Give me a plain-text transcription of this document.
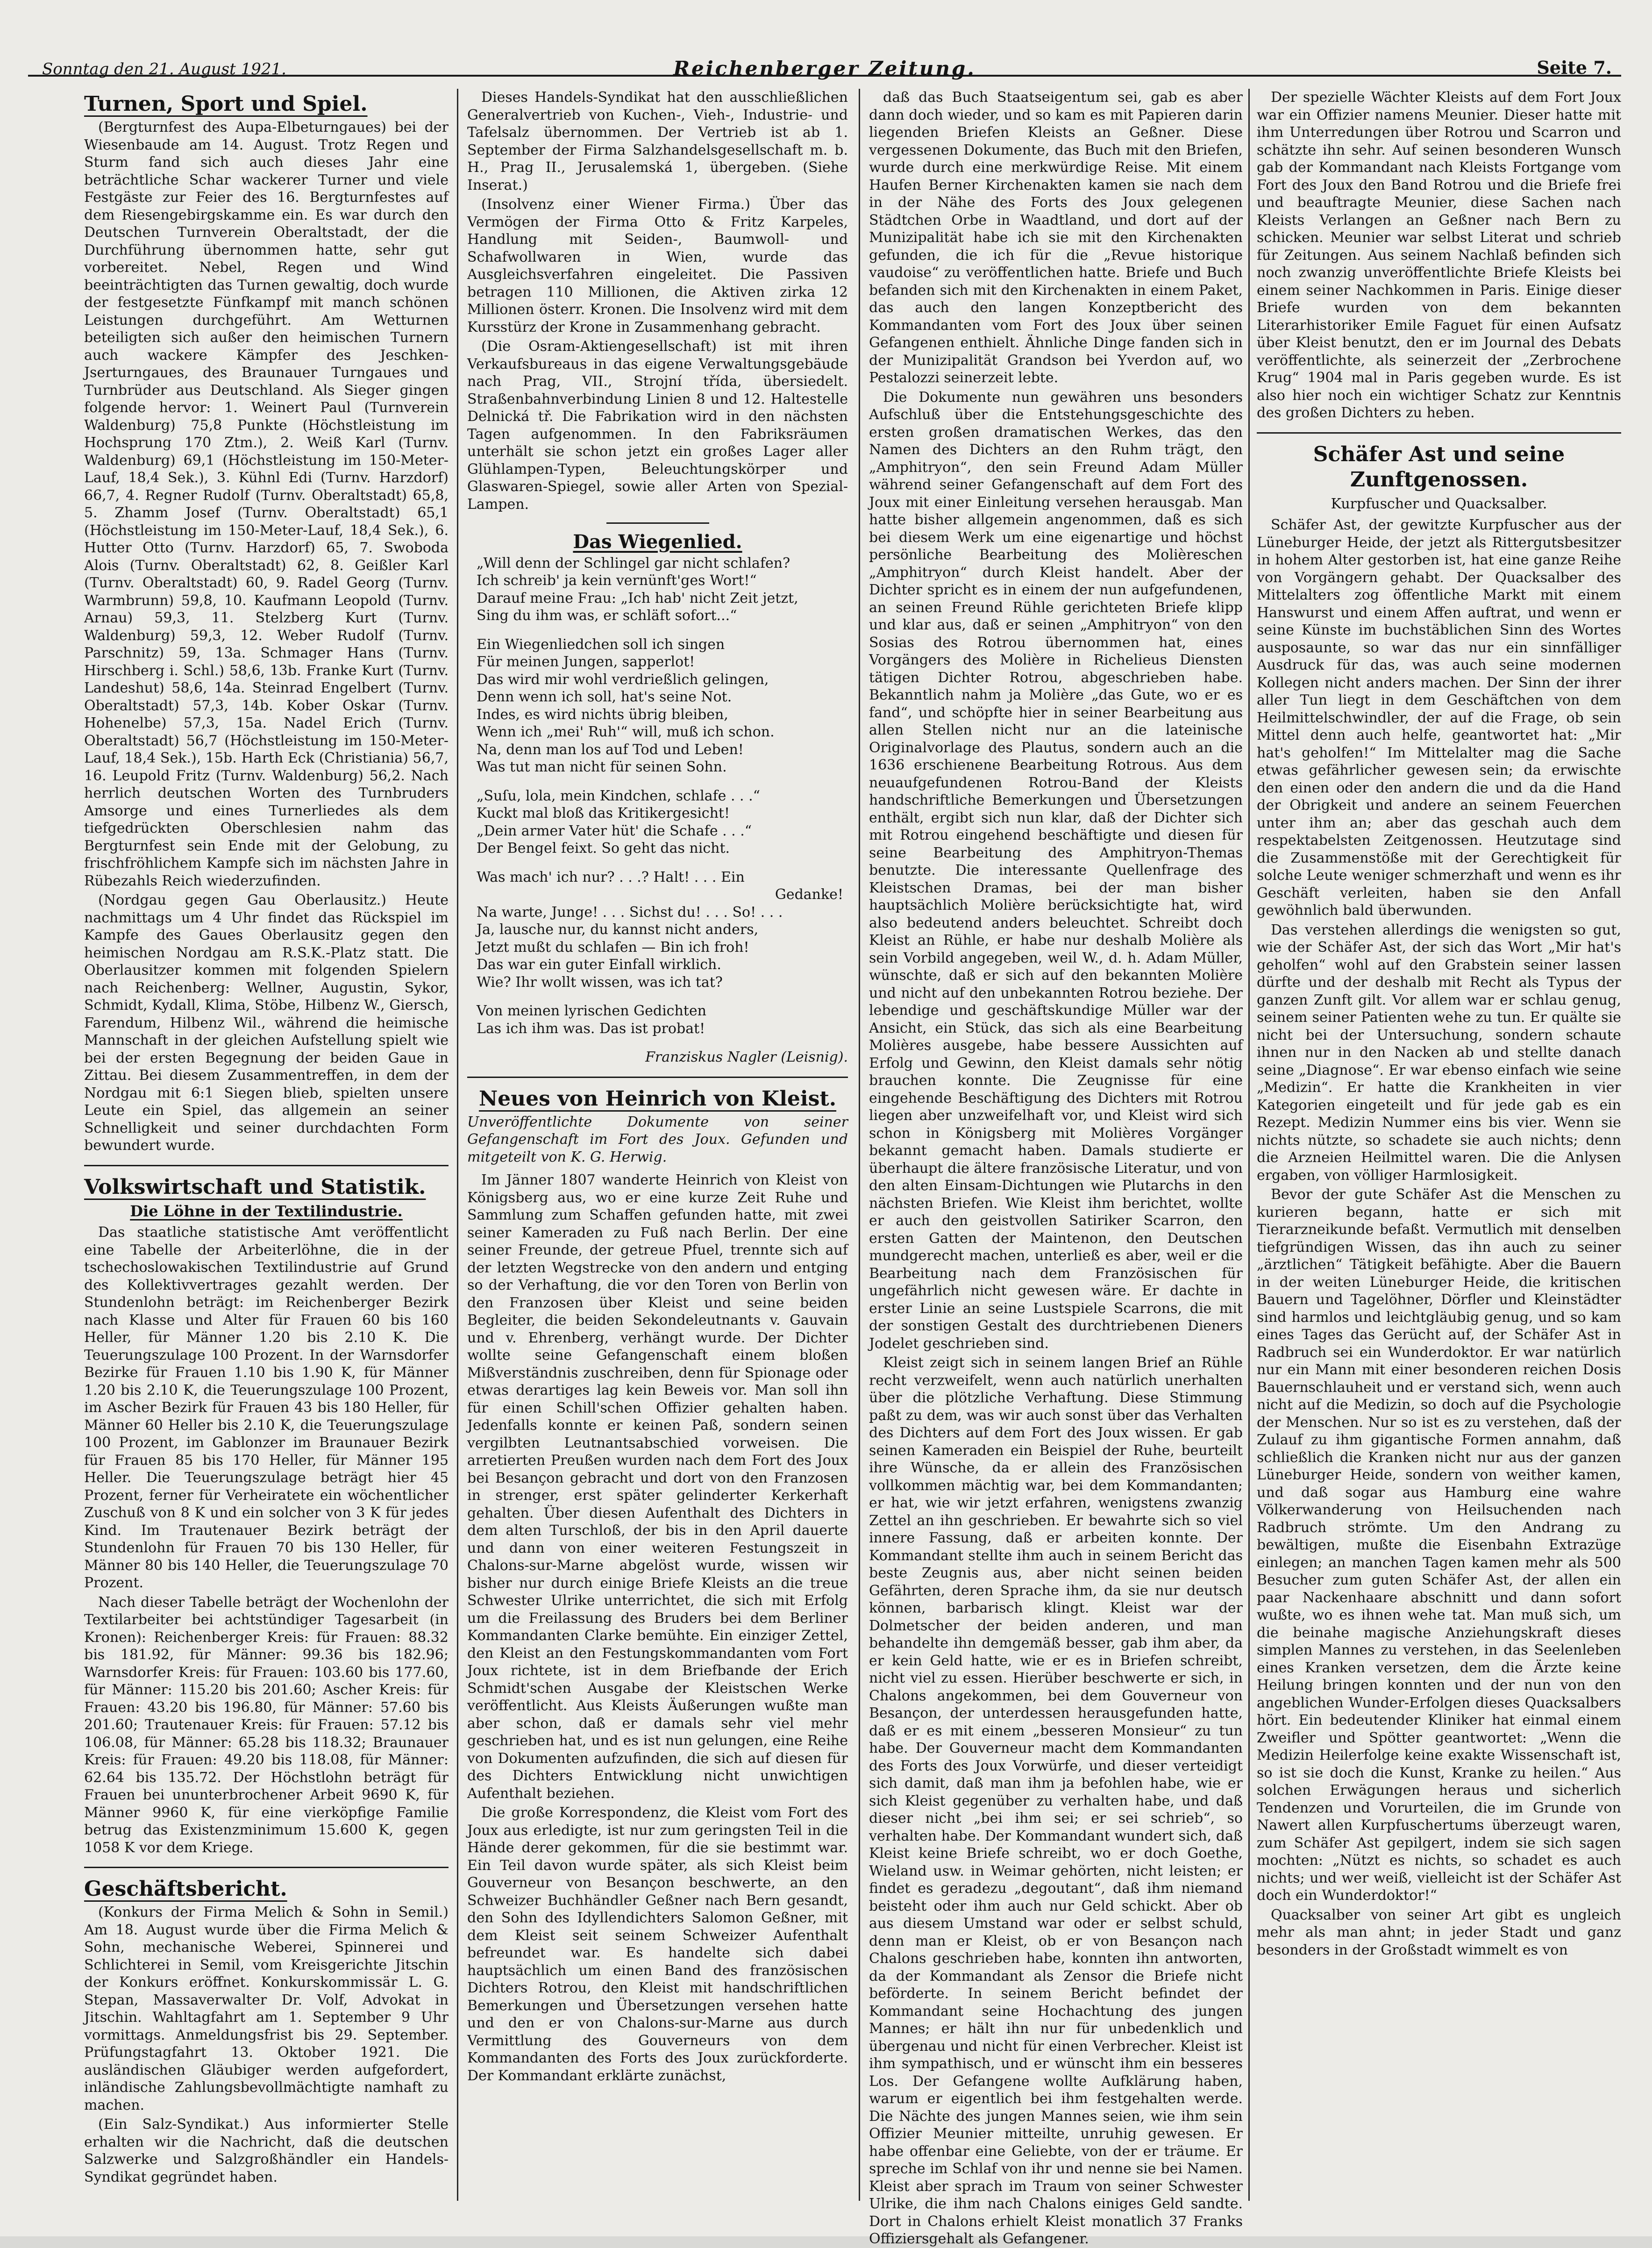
Sonntag den 21. August 1921.	Reichenberger Zeitung.	Seite 7.
Turnen, Sport und Spiel.

(Bergturnfest des Aupa-Elbeturngaues) bei der Wiesenbaude am 14. August. Trotz Regen und Sturm fand sich auch dieses Jahr eine beträchtliche Schar wackerer Turner und viele Festgäste zur Feier des 16. Bergturnfestes auf dem Riesengebirgskamme ein. Es war durch den Deutschen Turnverein Oberaltstadt, der die Durchführung übernommen hatte, sehr gut vorbereitet. Nebel, Regen und Wind beeinträchtigten das Turnen gewaltig, doch wurde der festgesetzte Fünfkampf mit manch schönen Leistungen durchgeführt. Am Wetturnen beteiligten sich außer den heimischen Turnern auch wackere Kämpfer des Jeschken-Jserturngaues, des Braunauer Turngaues und Turnbrüder aus Deutschland. Als Sieger gingen folgende hervor: 1. Weinert Paul (Turnverein Waldenburg) 75,8 Punkte (Höchstleistung im Hochsprung 170 Ztm.), 2. Weiß Karl (Turnv. Waldenburg) 69,1 (Höchstleistung im 150-Meter-Lauf, 18,4 Sek.), 3. Kühnl Edi (Turnv. Harzdorf) 66,7, 4. Regner Rudolf (Turnv. Oberaltstadt) 65,8, 5. Zhamm Josef (Turnv. Oberaltstadt) 65,1 (Höchstleistung im 150-Meter-Lauf, 18,4 Sek.), 6. Hutter Otto (Turnv. Harzdorf) 65, 7. Swoboda Alois (Turnv. Oberaltstadt) 62, 8. Geißler Karl (Turnv. Oberaltstadt) 60, 9. Radel Georg (Turnv. Warmbrunn) 59,8, 10. Kaufmann Leopold (Turnv. Arnau) 59,3, 11. Stelzberg Kurt (Turnv. Waldenburg) 59,3, 12. Weber Rudolf (Turnv. Parschnitz) 59, 13a. Schmager Hans (Turnv. Hirschberg i. Schl.) 58,6, 13b. Franke Kurt (Turnv. Landeshut) 58,6, 14a. Steinrad Engelbert (Turnv. Oberaltstadt) 57,3, 14b. Kober Oskar (Turnv. Hohenelbe) 57,3, 15a. Nadel Erich (Turnv. Oberaltstadt) 56,7 (Höchstleistung im 150-Meter-Lauf, 18,4 Sek.), 15b. Harth Eck (Christiania) 56,7, 16. Leupold Fritz (Turnv. Waldenburg) 56,2. Nach herrlich deutschen Worten des Turnbruders Amsorge und eines Turnerliedes als dem tiefgedrückten Oberschlesien nahm das Bergturnfest sein Ende mit der Gelobung, zu frischfröhlichem Kampfe sich im nächsten Jahre in Rübezahls Reich wiederzufinden.

(Nordgau gegen Gau Oberlausitz.) Heute nachmittags um 4 Uhr findet das Rückspiel im Kampfe des Gaues Oberlausitz gegen den heimischen Nordgau am R.S.K.-Platz statt. Die Oberlausitzer kommen mit folgenden Spielern nach Reichenberg: Wellner, Augustin, Sykor, Schmidt, Kydall, Klima, Stöbe, Hilbenz W., Giersch, Farendum, Hilbenz Wil., während die heimische Mannschaft in der gleichen Aufstellung spielt wie bei der ersten Begegnung der beiden Gaue in Zittau. Bei diesem Zusammentreffen, in dem der Nordgau mit 6:1 Siegen blieb, spielten unsere Leute ein Spiel, das allgemein an seiner Schnelligkeit und seiner durchdachten Form bewundert wurde.

Volkswirtschaft und Statistik.
Die Löhne in der Textilindustrie.

Das staatliche statistische Amt veröffentlicht eine Tabelle der Arbeiterlöhne, die in der tschechoslowakischen Textilindustrie auf Grund des Kollektivvertrages gezahlt werden. Der Stundenlohn beträgt: im Reichenberger Bezirk nach Klasse und Alter für Frauen 60 bis 160 Heller, für Männer 1.20 bis 2.10 K. Die Teuerungszulage 100 Prozent. In der Warnsdorfer Bezirke für Frauen 1.10 bis 1.90 K, für Männer 1.20 bis 2.10 K, die Teuerungszulage 100 Prozent, im Ascher Bezirk für Frauen 43 bis 180 Heller, für Männer 60 Heller bis 2.10 K, die Teuerungszulage 100 Prozent, im Gablonzer im Braunauer Bezirk für Frauen 85 bis 170 Heller, für Männer 195 Heller. Die Teuerungszulage beträgt hier 45 Prozent, ferner für Verheiratete ein wöchentlicher Zuschuß von 8 K und ein solcher von 3 K für jedes Kind. Im Trautenauer Bezirk beträgt der Stundenlohn für Frauen 70 bis 130 Heller, für Männer 80 bis 140 Heller, die Teuerungszulage 70 Prozent.

Nach dieser Tabelle beträgt der Wochenlohn der Textilarbeiter bei achtstündiger Tagesarbeit (in Kronen): Reichenberger Kreis: für Frauen: 88.32 bis 181.92, für Männer: 99.36 bis 182.96; Warnsdorfer Kreis: für Frauen: 103.60 bis 177.60, für Männer: 115.20 bis 201.60; Ascher Kreis: für Frauen: 43.20 bis 196.80, für Männer: 57.60 bis 201.60; Trautenauer Kreis: für Frauen: 57.12 bis 106.08, für Männer: 65.28 bis 118.32; Braunauer Kreis: für Frauen: 49.20 bis 118.08, für Männer: 62.64 bis 135.72. Der Höchstlohn beträgt für Frauen bei ununterbrochener Arbeit 9690 K, für Männer 9960 K, für eine vierköpfige Familie betrug das Existenzminimum 15.600 K, gegen 1058 K vor dem Kriege.

Geschäftsbericht.

(Konkurs der Firma Melich & Sohn in Semil.) Am 18. August wurde über die Firma Melich & Sohn, mechanische Weberei, Spinnerei und Schlichterei in Semil, vom Kreisgerichte Jitschin der Konkurs eröffnet. Konkurskommissär L. G. Stepan, Massaverwalter Dr. Volf, Advokat in Jitschin. Wahltagfahrt am 1. September 9 Uhr vormittags. Anmeldungsfrist bis 29. September. Prüfungstagfahrt 13. Oktober 1921. Die ausländischen Gläubiger werden aufgefordert, inländische Zahlungsbevollmächtigte namhaft zu machen.

(Ein Salz-Syndikat.) Aus informierter Stelle erhalten wir die Nachricht, daß die deutschen Salzwerke und Salzgroßhändler ein Handels-Syndikat gegründet haben.

Dieses Handels-Syndikat hat den ausschließlichen Generalvertrieb von Kuchen-, Vieh-, Industrie- und Tafelsalz übernommen. Der Vertrieb ist ab 1. September der Firma Salzhandelsgesellschaft m. b. H., Prag II., Jerusalemská 1, übergeben. (Siehe Inserat.)

(Insolvenz einer Wiener Firma.) Über das Vermögen der Firma Otto & Fritz Karpeles, Handlung mit Seiden-, Baumwoll- und Schafwollwaren in Wien, wurde das Ausgleichsverfahren eingeleitet. Die Passiven betragen 110 Millionen, die Aktiven zirka 12 Millionen österr. Kronen. Die Insolvenz wird mit dem Kursstürz der Krone in Zusammenhang gebracht.

(Die Osram-Aktiengesellschaft) ist mit ihren Verkaufsbureaus in das eigene Verwaltungsgebäude nach Prag, VII., Strojní třída, übersiedelt. Straßenbahnverbindung Linien 8 und 12. Haltestelle Delnická tř. Die Fabrikation wird in den nächsten Tagen aufgenommen. In den Fabriksräumen unterhält sie schon jetzt ein großes Lager aller Glühlampen-Typen, Beleuchtungskörper und Glaswaren-Spiegel, sowie aller Arten von Spezial-Lampen.

Das Wiegenlied.
„Will denn der Schlingel gar nicht schlafen?
Ich schreib' ja kein vernünft'ges Wort!“
Darauf meine Frau: „Ich hab' nicht Zeit jetzt,
Sing du ihm was, er schläft sofort...“
Ein Wiegenliedchen soll ich singen
Für meinen Jungen, sapperlot!
Das wird mir wohl verdrießlich gelingen,
Denn wenn ich soll, hat's seine Not.
Indes, es wird nichts übrig bleiben,
Wenn ich „mei' Ruh'“ will, muß ich schon.
Na, denn man los auf Tod und Leben!
Was tut man nicht für seinen Sohn.
„Suſu, lola, mein Kindchen, schlafe . . .“
Kuckt mal bloß das Kritikergesicht!
„Dein armer Vater hüt' die Schafe . . .“
Der Bengel feixt. So geht das nicht.
Was mach' ich nur? . . .? Halt! . . . Ein
Gedanke!
Na warte, Junge! . . . Sichst du! . . . So! . . .
Ja, lausche nur, du kannst nicht anders,
Jetzt mußt du schlafen — Bin ich froh!
Das war ein guter Einfall wirklich.
Wie? Ihr wollt wissen, was ich tat?
Von meinen lyrischen Gedichten
Las ich ihm was. Das ist probat!
Franziskus Nagler (Leisnig).
Neues von Heinrich von Kleist.
Unveröffentlichte Dokumente von seiner Gefangenschaft im Fort des Joux. Gefunden und mitgeteilt von K. G. Herwig.

Im Jänner 1807 wanderte Heinrich von Kleist von Königsberg aus, wo er eine kurze Zeit Ruhe und Sammlung zum Schaffen gefunden hatte, mit zwei seiner Kameraden zu Fuß nach Berlin. Der eine seiner Freunde, der getreue Pfuel, trennte sich auf der letzten Wegstrecke von den andern und entging so der Verhaftung, die vor den Toren von Berlin von den Franzosen über Kleist und seine beiden Begleiter, die beiden Sekondeleutnants v. Gauvain und v. Ehrenberg, verhängt wurde. Der Dichter wollte seine Gefangenschaft einem bloßen Mißverständnis zuschreiben, denn für Spionage oder etwas derartiges lag kein Beweis vor. Man soll ihn für einen Schill'schen Offizier gehalten haben. Jedenfalls konnte er keinen Paß, sondern seinen vergilbten Leutnantsabschied vorweisen. Die arretierten Preußen wurden nach dem Fort des Joux bei Besançon gebracht und dort von den Franzosen in strenger, erst später gelinderter Kerkerhaft gehalten. Über diesen Aufenthalt des Dichters in dem alten Turschloß, der bis in den April dauerte und dann von einer weiteren Festungszeit in Chalons-sur-Marne abgelöst wurde, wissen wir bisher nur durch einige Briefe Kleists an die treue Schwester Ulrike unterrichtet, die sich mit Erfolg um die Freilassung des Bruders bei dem Berliner Kommandanten Clarke bemühte. Ein einziger Zettel, den Kleist an den Festungskommandanten vom Fort Joux richtete, ist in dem Briefbande der Erich Schmidt'schen Ausgabe der Kleistschen Werke veröffentlicht. Aus Kleists Äußerungen wußte man aber schon, daß er damals sehr viel mehr geschrieben hat, und es ist nun gelungen, eine Reihe von Dokumenten aufzufinden, die sich auf diesen für des Dichters Entwicklung nicht unwichtigen Aufenthalt beziehen.

Die große Korrespondenz, die Kleist vom Fort des Joux aus erledigte, ist nur zum geringsten Teil in die Hände derer gekommen, für die sie bestimmt war. Ein Teil davon wurde später, als sich Kleist beim Gouverneur von Besançon beschwerte, an den Schweizer Buchhändler Geßner nach Bern gesandt, den Sohn des Idyllendichters Salomon Geßner, mit dem Kleist seit seinem Schweizer Aufenthalt befreundet war. Es handelte sich dabei hauptsächlich um einen Band des französischen Dichters Rotrou, den Kleist mit handschriftlichen Bemerkungen und Übersetzungen versehen hatte und den er von Chalons-sur-Marne aus durch Vermittlung des Gouverneurs von dem Kommandanten des Forts des Joux zurückforderte. Der Kommandant erklärte zunächst,

daß das Buch Staatseigentum sei, gab es aber dann doch wieder, und so kam es mit Papieren darin liegenden Briefen Kleists an Geßner. Diese vergessenen Dokumente, das Buch mit den Briefen, wurde durch eine merkwürdige Reise. Mit einem Haufen Berner Kirchenakten kamen sie nach dem in der Nähe des Forts des Joux gelegenen Städtchen Orbe in Waadtland, und dort auf der Munizipalität habe ich sie mit den Kirchenakten gefunden, die ich für die „Revue historique vaudoise“ zu veröffentlichen hatte. Briefe und Buch befanden sich mit den Kirchenakten in einem Paket, das auch den langen Konzeptbericht des Kommandanten vom Fort des Joux über seinen Gefangenen enthielt. Ähnliche Dinge fanden sich in der Munizipalität Grandson bei Yverdon auf, wo Pestalozzi seinerzeit lebte.

Die Dokumente nun gewähren uns besonders Aufschluß über die Entstehungsgeschichte des ersten großen dramatischen Werkes, das den Namen des Dichters an den Ruhm trägt, den „Amphitryon“, den sein Freund Adam Müller während seiner Gefangenschaft auf dem Fort des Joux mit einer Einleitung versehen herausgab. Man hatte bisher allgemein angenommen, daß es sich bei diesem Werk um eine eigenartige und höchst persönliche Bearbeitung des Molièreschen „Amphitryon“ durch Kleist handelt. Aber der Dichter spricht es in einem der nun aufgefundenen, an seinen Freund Rühle gerichteten Briefe klipp und klar aus, daß er seinen „Amphitryon“ von den Sosias des Rotrou übernommen hat, eines Vorgängers des Molière in Richelieus Diensten tätigen Dichter Rotrou, abgeschrieben habe. Bekanntlich nahm ja Molière „das Gute, wo er es fand“, und schöpfte hier in seiner Bearbeitung aus allen Stellen nicht nur an die lateinische Originalvorlage des Plautus, sondern auch an die 1636 erschienene Bearbeitung Rotrous. Aus dem neuaufgefundenen Rotrou-Band der Kleists handschriftliche Bemerkungen und Übersetzungen enthält, ergibt sich nun klar, daß der Dichter sich mit Rotrou eingehend beschäftigte und diesen für seine Bearbeitung des Amphitryon-Themas benutzte. Die interessante Quellenfrage des Kleistschen Dramas, bei der man bisher hauptsächlich Molière berücksichtigte hat, wird also bedeutend anders beleuchtet. Schreibt doch Kleist an Rühle, er habe nur deshalb Molière als sein Vorbild angegeben, weil W., d. h. Adam Müller, wünschte, daß er sich auf den bekannten Molière und nicht auf den unbekannten Rotrou beziehe. Der lebendige und geschäftskundige Müller war der Ansicht, ein Stück, das sich als eine Bearbeitung Molières ausgebe, habe bessere Aussichten auf Erfolg und Gewinn, den Kleist damals sehr nötig brauchen konnte. Die Zeugnisse für eine eingehende Beschäftigung des Dichters mit Rotrou liegen aber unzweifelhaft vor, und Kleist wird sich schon in Königsberg mit Molières Vorgänger bekannt gemacht haben. Damals studierte er überhaupt die ältere französische Literatur, und von den alten Einsam-Dichtungen wie Plutarchs in den nächsten Briefen. Wie Kleist ihm berichtet, wollte er auch den geistvollen Satiriker Scarron, den ersten Gatten der Maintenon, den Deutschen mundgerecht machen, unterließ es aber, weil er die Bearbeitung nach dem Französischen für ungefährlich nicht gewesen wäre. Er dachte in erster Linie an seine Lustspiele Scarrons, die mit der sonstigen Gestalt des durchtriebenen Dieners Jodelet geschrieben sind.

Kleist zeigt sich in seinem langen Brief an Rühle recht verzweifelt, wenn auch natürlich unerhalten über die plötzliche Verhaftung. Diese Stimmung paßt zu dem, was wir auch sonst über das Verhalten des Dichters auf dem Fort des Joux wissen. Er gab seinen Kameraden ein Beispiel der Ruhe, beurteilt ihre Wünsche, da er allein des Französischen vollkommen mächtig war, bei dem Kommandanten; er hat, wie wir jetzt erfahren, wenigstens zwanzig Zettel an ihn geschrieben. Er bewahrte sich so viel innere Fassung, daß er arbeiten konnte. Der Kommandant stellte ihm auch in seinem Bericht das beste Zeugnis aus, aber nicht seinen beiden Gefährten, deren Sprache ihm, da sie nur deutsch können, barbarisch klingt. Kleist war der Dolmetscher der beiden anderen, und man behandelte ihn demgemäß besser, gab ihm aber, da er kein Geld hatte, wie er es in Briefen schreibt, nicht viel zu essen. Hierüber beschwerte er sich, in Chalons angekommen, bei dem Gouverneur von Besançon, der unterdessen herausgefunden hatte, daß er es mit einem „besseren Monsieur“ zu tun habe. Der Gouverneur macht dem Kommandanten des Forts des Joux Vorwürfe, und dieser verteidigt sich damit, daß man ihm ja befohlen habe, wie er sich Kleist gegenüber zu verhalten habe, und daß dieser nicht „bei ihm sei; er sei schrieb“, so verhalten habe. Der Kommandant wundert sich, daß Kleist keine Briefe schreibt, wo er doch Goethe, Wieland usw. in Weimar gehörten, nicht leisten; er findet es geradezu „degoutant“, daß ihm niemand beisteht oder ihm auch nur Geld schickt. Aber ob aus diesem Umstand war oder er selbst schuld, denn man er Kleist, ob er von Besançon nach Chalons geschrieben habe, konnten ihn antworten, da der Kommandant als Zensor die Briefe nicht beförderte. In seinem Bericht befindet der Kommandant seine Hochachtung des jungen Mannes; er hält ihn nur für unbedenklich und übergenau und nicht für einen Verbrecher. Kleist ist ihm sympathisch, und er wünscht ihm ein besseres Los. Der Gefangene wollte Aufklärung haben, warum er eigentlich bei ihm festgehalten werde. Die Nächte des jungen Mannes seien, wie ihm sein Offizier Meunier mitteilte, unruhig gewesen. Er habe offenbar eine Geliebte, von der er träume. Er spreche im Schlaf von ihr und nenne sie bei Namen. Kleist aber sprach im Traum von seiner Schwester Ulrike, die ihm nach Chalons einiges Geld sandte. Dort in Chalons erhielt Kleist monatlich 37 Franks Offiziersgehalt als Gefangener.

Der spezielle Wächter Kleists auf dem Fort Joux war ein Offizier namens Meunier. Dieser hatte mit ihm Unterredungen über Rotrou und Scarron und schätzte ihn sehr. Auf seinen besonderen Wunsch gab der Kommandant nach Kleists Fortgange vom Fort des Joux den Band Rotrou und die Briefe frei und beauftragte Meunier, diese Sachen nach Kleists Verlangen an Geßner nach Bern zu schicken. Meunier war selbst Literat und schrieb für Zeitungen. Aus seinem Nachlaß befinden sich noch zwanzig unveröffentlichte Briefe Kleists bei einem seiner Nachkommen in Paris. Einige dieser Briefe wurden von dem bekannten Literarhistoriker Emile Faguet für einen Aufsatz über Kleist benutzt, den er im Journal des Debats veröffentlichte, als seinerzeit der „Zerbrochene Krug“ 1904 mal in Paris gegeben wurde. Es ist also hier noch ein wichtiger Schatz zur Kenntnis des großen Dichters zu heben.

Schäfer Ast und seine Zunftgenossen.
Kurpfuscher und Quacksalber.

Schäfer Ast, der gewitzte Kurpfuscher aus der Lüneburger Heide, der jetzt als Rittergutsbesitzer in hohem Alter gestorben ist, hat eine ganze Reihe von Vorgängern gehabt. Der Quacksalber des Mittelalters zog öffentliche Markt mit einem Hanswurst und einem Affen auftrat, und wenn er seine Künste im buchstäblichen Sinn des Wortes ausposaunte, so war das nur ein sinnfälliger Ausdruck für das, was auch seine modernen Kollegen nicht anders machen. Der Sinn der ihrer aller Tun liegt in dem Geschäftchen von dem Heilmittelschwindler, der auf die Frage, ob sein Mittel denn auch helfe, geantwortet hat: „Mir hat's geholfen!“ Im Mittelalter mag die Sache etwas gefährlicher gewesen sein; da erwischte den einen oder den andern die und da die Hand der Obrigkeit und andere an seinem Feuerchen unter ihm an; aber das geschah auch dem respektabelsten Zeitgenossen. Heutzutage sind die Zusammenstöße mit der Gerechtigkeit für solche Leute weniger schmerzhaft und wenn es ihr Geschäft verleiten, haben sie den Anfall gewöhnlich bald überwunden.

Das verstehen allerdings die wenigsten so gut, wie der Schäfer Ast, der sich das Wort „Mir hat's geholfen“ wohl auf den Grabstein seiner lassen dürfte und der deshalb mit Recht als Typus der ganzen Zunft gilt. Vor allem war er schlau genug, seinem seiner Patienten wehe zu tun. Er quälte sie nicht bei der Untersuchung, sondern schaute ihnen nur in den Nacken ab und stellte danach seine „Diagnose“. Er war ebenso einfach wie seine „Medizin“. Er hatte die Krankheiten in vier Kategorien eingeteilt und für jede gab es ein Rezept. Medizin Nummer eins bis vier. Wenn sie nichts nützte, so schadete sie auch nichts; denn die Arzneien Heilmittel waren. Die die Anlysen ergaben, von völliger Harmlosigkeit.

Bevor der gute Schäfer Ast die Menschen zu kurieren begann, hatte er sich mit Tierarzneikunde befaßt. Vermutlich mit denselben tiefgründigen Wissen, das ihn auch zu seiner „ärztlichen“ Tätigkeit befähigte. Aber die Bauern in der weiten Lüneburger Heide, die kritischen Bauern und Tagelöhner, Dörfler und Kleinstädter sind harmlos und leichtgläubig genug, und so kam eines Tages das Gerücht auf, der Schäfer Ast in Radbruch sei ein Wunderdoktor. Er war natürlich nur ein Mann mit einer besonderen reichen Dosis Bauernschlauheit und er verstand sich, wenn auch nicht auf die Medizin, so doch auf die Psychologie der Menschen. Nur so ist es zu verstehen, daß der Zulauf zu ihm gigantische Formen annahm, daß schließlich die Kranken nicht nur aus der ganzen Lüneburger Heide, sondern von weither kamen, und daß sogar aus Hamburg eine wahre Völkerwanderung von Heilsuchenden nach Radbruch strömte. Um den Andrang zu bewältigen, mußte die Eisenbahn Extrazüge einlegen; an manchen Tagen kamen mehr als 500 Besucher zum guten Schäfer Ast, der allen ein paar Nackenhaare abschnitt und dann sofort wußte, wo es ihnen wehe tat. Man muß sich, um die beinahe magische Anziehungskraft dieses simplen Mannes zu verstehen, in das Seelenleben eines Kranken versetzen, dem die Ärzte keine Heilung bringen konnten und der nun von den angeblichen Wunder-Erfolgen dieses Quacksalbers hört. Ein bedeutender Kliniker hat einmal einem Zweifler und Spötter geantwortet: „Wenn die Medizin Heilerfolge keine exakte Wissenschaft ist, so ist sie doch die Kunst, Kranke zu heilen.“ Aus solchen Erwägungen heraus und sicherlich Tendenzen und Vorurteilen, die im Grunde von Nawert allen Kurpfuschertums überzeugt waren, zum Schäfer Ast gepilgert, indem sie sich sagen mochten: „Nützt es nichts, so schadet es auch nichts; und wer weiß, vielleicht ist der Schäfer Ast doch ein Wunderdoktor!“

Quacksalber von seiner Art gibt es ungleich mehr als man ahnt; in jeder Stadt und ganz besonders in der Großstadt wimmelt es von
